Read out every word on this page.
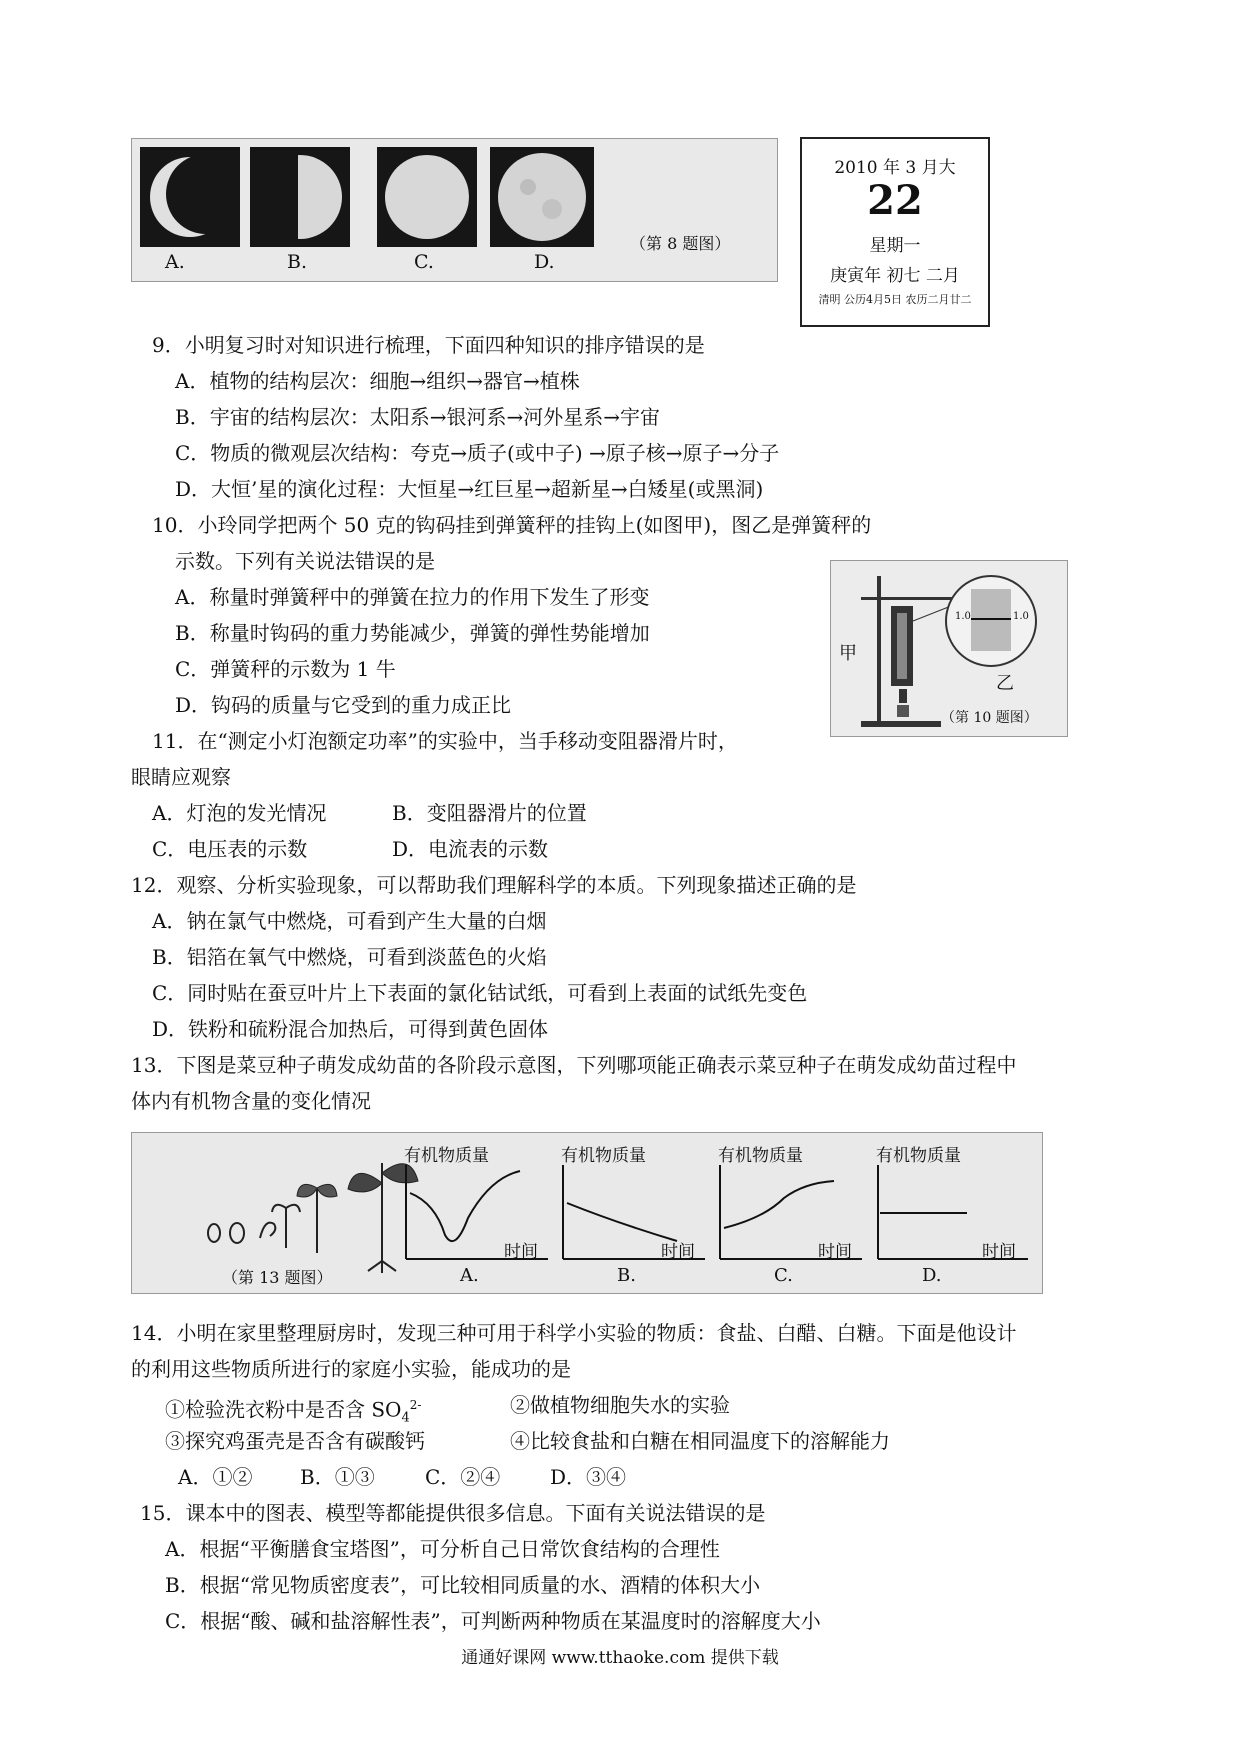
A.	B.	C.	D.
（第 8 题图）
2010 年 3 月大
22
星期一
庚寅年 初七 二月
清明 公历4月5日 农历二月廿二
9．小明复习时对知识进行梳理，下面四种知识的排序错误的是
A．植物的结构层次：细胞→组织→器官→植株
B．宇宙的结构层次：太阳系→银河系→河外星系→宇宙
C．物质的微观层次结构：夸克→质子(或中子) →原子核→原子→分子
D．大恒’星的演化过程：大恒星→红巨星→超新星→白矮星(或黑洞)
10．小玲同学把两个 50 克的钩码挂到弹簧秤的挂钩上(如图甲)，图乙是弹簧秤的
示数。下列有关说法错误的是
A．称量时弹簧秤中的弹簧在拉力的作用下发生了形变
B．称量时钩码的重力势能减少，弹簧的弹性势能增加
C．弹簧秤的示数为 1 牛
D．钩码的质量与它受到的重力成正比
甲
乙
1.0	1.0
（第 10 题图）
11．在“测定小灯泡额定功率”的实验中，当手移动变阻器滑片时，
眼睛应观察
A．灯泡的发光情况	B．变阻器滑片的位置
C．电压表的示数	D．电流表的示数
12．观察、分析实验现象，可以帮助我们理解科学的本质。下列现象描述正确的是
A．钠在氯气中燃烧，可看到产生大量的白烟
B．铝箔在氧气中燃烧，可看到淡蓝色的火焰
C．同时贴在蚕豆叶片上下表面的氯化钴试纸，可看到上表面的试纸先变色
D．铁粉和硫粉混合加热后，可得到黄色固体
13．下图是菜豆种子萌发成幼苗的各阶段示意图，下列哪项能正确表示菜豆种子在萌发成幼苗过程中
体内有机物含量的变化情况
（第 13 题图）
有机物质量
时间
A.
有机物质量
时间
B.
有机物质量
时间
C.
有机物质量
时间
D.
14．小明在家里整理厨房时，发现三种可用于科学小实验的物质：食盐、白醋、白糖。下面是他设计
的利用这些物质所进行的家庭小实验，能成功的是
①检验洗衣粉中是否含 $SO_4^{2-}$	②做植物细胞失水的实验
③探究鸡蛋壳是否含有碳酸钙	④比较食盐和白糖在相同温度下的溶解能力
A．①② B．①③	C．②④ D．③④
15．课本中的图表、模型等都能提供很多信息。下面有关说法错误的是
A．根据“平衡膳食宝塔图”，可分析自己日常饮食结构的合理性
B．根据“常见物质密度表”，可比较相同质量的水、酒精的体积大小
C．根据“酸、碱和盐溶解性表”，可判断两种物质在某温度时的溶解度大小
通通好课网 www.tthaoke.com 提供下载
